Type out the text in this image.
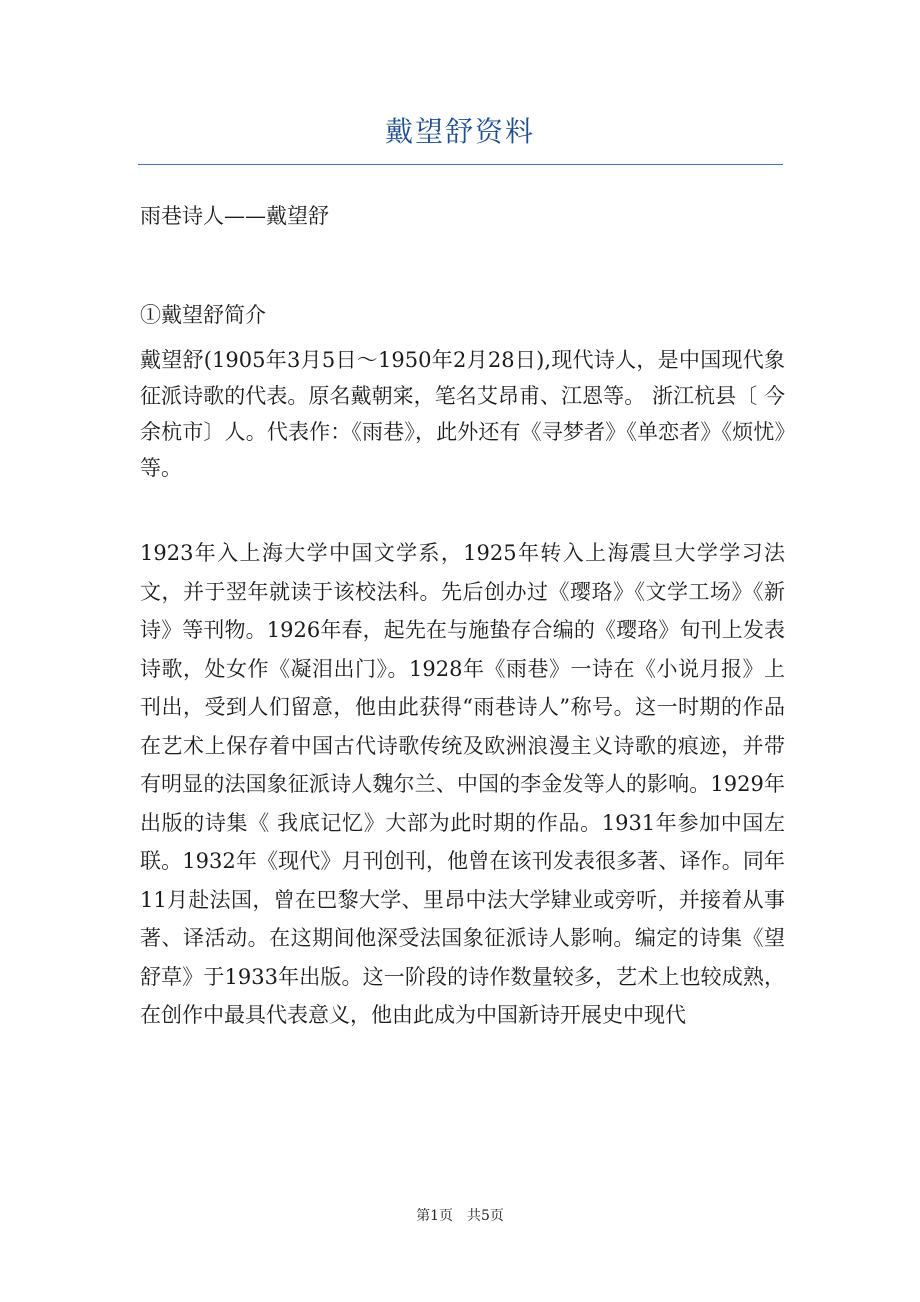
戴望舒资料
雨巷诗人——戴望舒
①戴望舒简介

戴望舒(1905年3月5日～1950年2月28日),现代诗人，是中国现代象征派诗歌的代表。原名戴朝宷，笔名艾昂甫、江恩等。 浙江杭县〔 今余杭市〕人。代表作：《雨巷》，此外还有《寻梦者》《单恋者》《烦忧》等。

1923年入上海大学中国文学系，1925年转入上海震旦大学学习法文，并于翌年就读于该校法科。先后创办过《璎珞》《文学工场》《新诗》等刊物。1926年春，起先在与施蛰存合编的《璎珞》旬刊上发表诗歌，处女作《凝泪出门》。1928年《雨巷》一诗在《小说月报》上刊出，受到人们留意，他由此获得“雨巷诗人”称号。这一时期的作品在艺术上保存着中国古代诗歌传统及欧洲浪漫主义诗歌的痕迹，并带有明显的法国象征派诗人魏尔兰、中国的李金发等人的影响。1929年出版的诗集《 我底记忆》大部为此时期的作品。1931年参加中国左联。1932年《现代》月刊创刊，他曾在该刊发表很多著、译作。同年11月赴法国，曾在巴黎大学、里昂中法大学肄业或旁听，并接着从事著、译活动。在这期间他深受法国象征派诗人影响。编定的诗集《望舒草》于1933年出版。这一阶段的诗作数量较多，艺术上也较成熟，在创作中最具代表意义，他由此成为中国新诗开展史中现代

第1页 共5页
